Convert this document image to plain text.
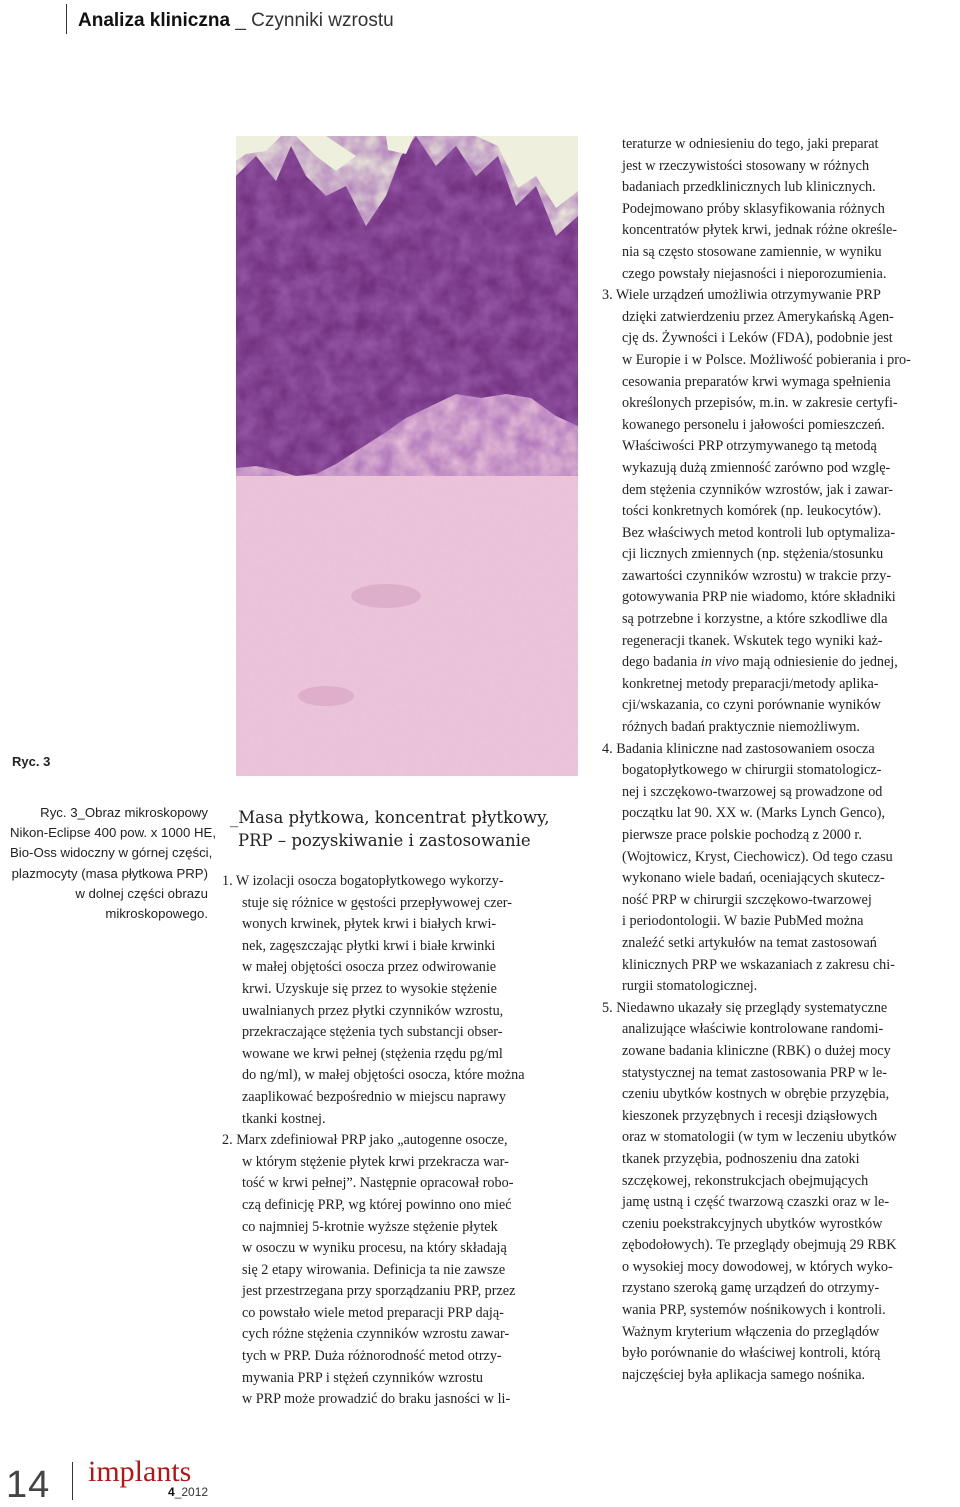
Analiza kliniczna _ Czynniki wzrostu
Ryc. 3
Ryc. 3_Obraz mikroskopowy
Nikon-Eclipse 400 pow. x 1000 HE,
Bio-Oss widoczny w górnej części,
plazmocyty (masa płytkowa PRP)
w dolnej części obrazu
mikroskopowego.
_Masa płytkowa, koncentrat płytkowy,
PRP – pozyskiwanie i zastosowanie
1. W izolacji osocza bogatopłytkowego wykorzy-
stuje się różnice w gęstości przepływowej czer-
wonych krwinek, płytek krwi i białych krwi-
nek, zagęszczając płytki krwi i białe krwinki
w małej objętości osocza przez odwirowanie
krwi. Uzyskuje się przez to wysokie stężenie
uwalnianych przez płytki czynników wzrostu,
przekraczające stężenia tych substancji obser-
wowane we krwi pełnej (stężenia rzędu pg/ml
do ng/ml), w małej objętości osocza, które można
zaaplikować bezpośrednio w miejscu naprawy
tkanki kostnej.
2. Marx zdefiniował PRP jako „autogenne osocze,
w którym stężenie płytek krwi przekracza war-
tość w krwi pełnej”. Następnie opracował robo-
czą definicję PRP, wg której powinno ono mieć
co najmniej 5-krotnie wyższe stężenie płytek
w osoczu w wyniku procesu, na który składają
się 2 etapy wirowania. Definicja ta nie zawsze
jest przestrzegana przy sporządzaniu PRP, przez
co powstało wiele metod preparacji PRP dają-
cych różne stężenia czynników wzrostu zawar-
tych w PRP. Duża różnorodność metod otrzy-
mywania PRP i stężeń czynników wzrostu
w PRP może prowadzić do braku jasności w li-
teraturze w odniesieniu do tego, jaki preparat
jest w rzeczywistości stosowany w różnych
badaniach przedklinicznych lub klinicznych.
Podejmowano próby sklasyfikowania różnych
koncentratów płytek krwi, jednak różne określe-
nia są często stosowane zamiennie, w wyniku
czego powstały niejasności i nieporozumienia.
3. Wiele urządzeń umożliwia otrzymywanie PRP
dzięki zatwierdzeniu przez Amerykańską Agen-
cję ds. Żywności i Leków (FDA), podobnie jest
w Europie i w Polsce. Możliwość pobierania i pro-
cesowania preparatów krwi wymaga spełnienia
określonych przepisów, m.in. w zakresie certyfi-
kowanego personelu i jałowości pomieszczeń.
Właściwości PRP otrzymywanego tą metodą
wykazują dużą zmienność zarówno pod wzglę-
dem stężenia czynników wzrostów, jak i zawar-
tości konkretnych komórek (np. leukocytów).
Bez właściwych metod kontroli lub optymaliza-
cji licznych zmiennych (np. stężenia/stosunku
zawartości czynników wzrostu) w trakcie przy-
gotowywania PRP nie wiadomo, które składniki
są potrzebne i korzystne, a które szkodliwe dla
regeneracji tkanek. Wskutek tego wyniki każ-
dego badania in vivo mają odniesienie do jednej,
konkretnej metody preparacji/metody aplika-
cji/wskazania, co czyni porównanie wyników
różnych badań praktycznie niemożliwym.
4. Badania kliniczne nad zastosowaniem osocza
bogatopłytkowego w chirurgii stomatologicz-
nej i szczękowo-twarzowej są prowadzone od
początku lat 90. XX w. (Marks Lynch Genco),
pierwsze prace polskie pochodzą z 2000 r.
(Wojtowicz, Kryst, Ciechowicz). Od tego czasu
wykonano wiele badań, oceniających skutecz-
ność PRP w chirurgii szczękowo-twarzowej
i periodontologii. W bazie PubMed można
znaleźć setki artykułów na temat zastosowań
klinicznych PRP we wskazaniach z zakresu chi-
rurgii stomatologicznej.
5. Niedawno ukazały się przeglądy systematyczne
analizujące właściwie kontrolowane randomi-
zowane badania kliniczne (RBK) o dużej mocy
statystycznej na temat zastosowania PRP w le-
czeniu ubytków kostnych w obrębie przyzębia,
kieszonek przyzębnych i recesji dziąsłowych
oraz w stomatologii (w tym w leczeniu ubytków
tkanek przyzębia, podnoszeniu dna zatoki
szczękowej, rekonstrukcjach obejmujących
jamę ustną i część twarzową czaszki oraz w le-
czeniu poekstrakcyjnych ubytków wyrostków
zębodołowych). Te przeglądy obejmują 29 RBK
o wysokiej mocy dowodowej, w których wyko-
rzystano szeroką gamę urządzeń do otrzymy-
wania PRP, systemów nośnikowych i kontroli.
Ważnym kryterium włączenia do przeglądów
było porównanie do właściwej kontroli, którą
najczęściej była aplikacja samego nośnika.
14 implants
4_2012
